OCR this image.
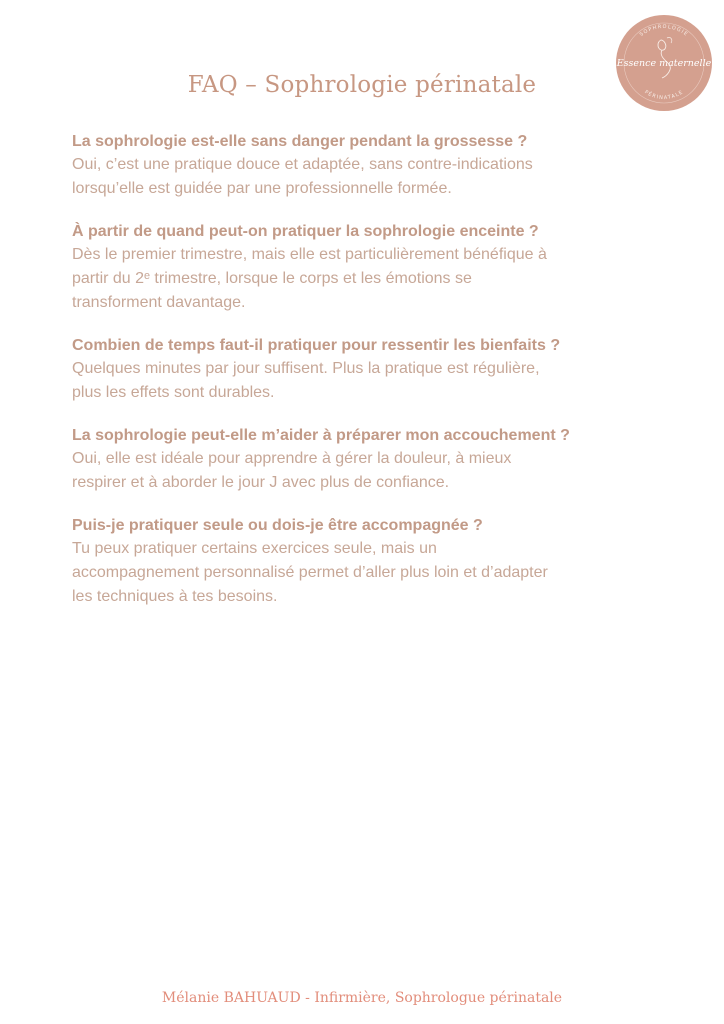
SOPHROLOGIE
PÉRINATALE
Essence maternelle
FAQ – Sophrologie périnatale
La sophrologie est-elle sans danger pendant la grossesse ?
Oui, c’est une pratique douce et adaptée, sans contre-indications
lorsqu’elle est guidée par une professionnelle formée.
À partir de quand peut-on pratiquer la sophrologie enceinte ?
Dès le premier trimestre, mais elle est particulièrement bénéfique à
partir du 2ᵉ trimestre, lorsque le corps et les émotions se
transforment davantage.
Combien de temps faut-il pratiquer pour ressentir les bienfaits ?
Quelques minutes par jour suffisent. Plus la pratique est régulière,
plus les effets sont durables.
La sophrologie peut-elle m’aider à préparer mon accouchement ?
Oui, elle est idéale pour apprendre à gérer la douleur, à mieux
respirer et à aborder le jour J avec plus de confiance.
Puis-je pratiquer seule ou dois-je être accompagnée ?
Tu peux pratiquer certains exercices seule, mais un
accompagnement personnalisé permet d’aller plus loin et d’adapter
les techniques à tes besoins.
Mélanie BAHUAUD - Infirmière, Sophrologue périnatale
